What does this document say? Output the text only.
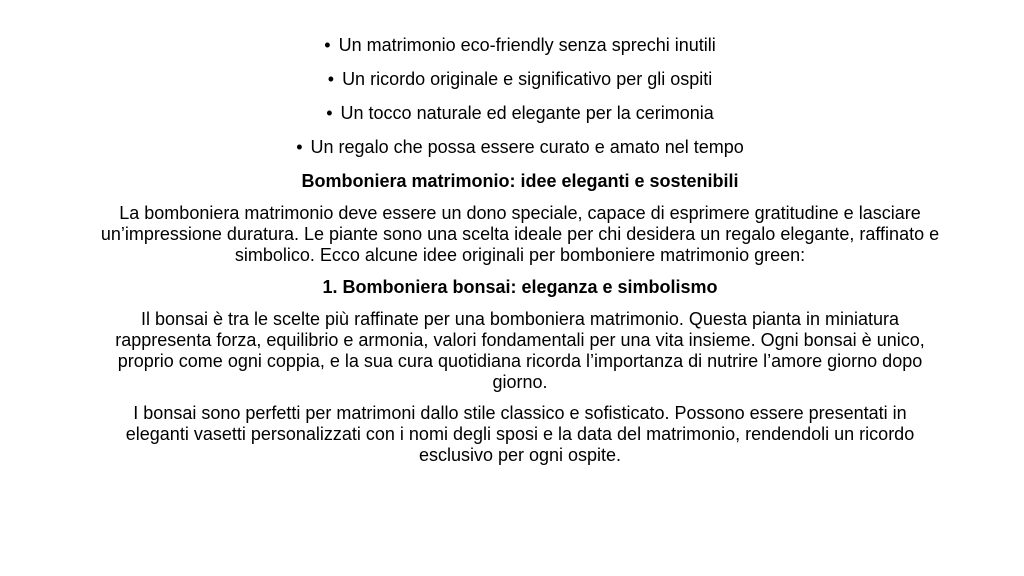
• Un matrimonio eco-friendly senza sprechi inutili
• Un ricordo originale e significativo per gli ospiti
• Un tocco naturale ed elegante per la cerimonia
• Un regalo che possa essere curato e amato nel tempo
Bomboniera matrimonio: idee eleganti e sostenibili
La bomboniera matrimonio deve essere un dono speciale, capace di esprimere gratitudine e lasciare un’impressione duratura. Le piante sono una scelta ideale per chi desidera un regalo elegante, raffinato e simbolico. Ecco alcune idee originali per bomboniere matrimonio green:
1. Bomboniera bonsai: eleganza e simbolismo
Il bonsai è tra le scelte più raffinate per una bomboniera matrimonio. Questa pianta in miniatura rappresenta forza, equilibrio e armonia, valori fondamentali per una vita insieme. Ogni bonsai è unico, proprio come ogni coppia, e la sua cura quotidiana ricorda l’importanza di nutrire l’amore giorno dopo giorno.
I bonsai sono perfetti per matrimoni dallo stile classico e sofisticato. Possono essere presentati in eleganti vasetti personalizzati con i nomi degli sposi e la data del matrimonio, rendendoli un ricordo esclusivo per ogni ospite.
